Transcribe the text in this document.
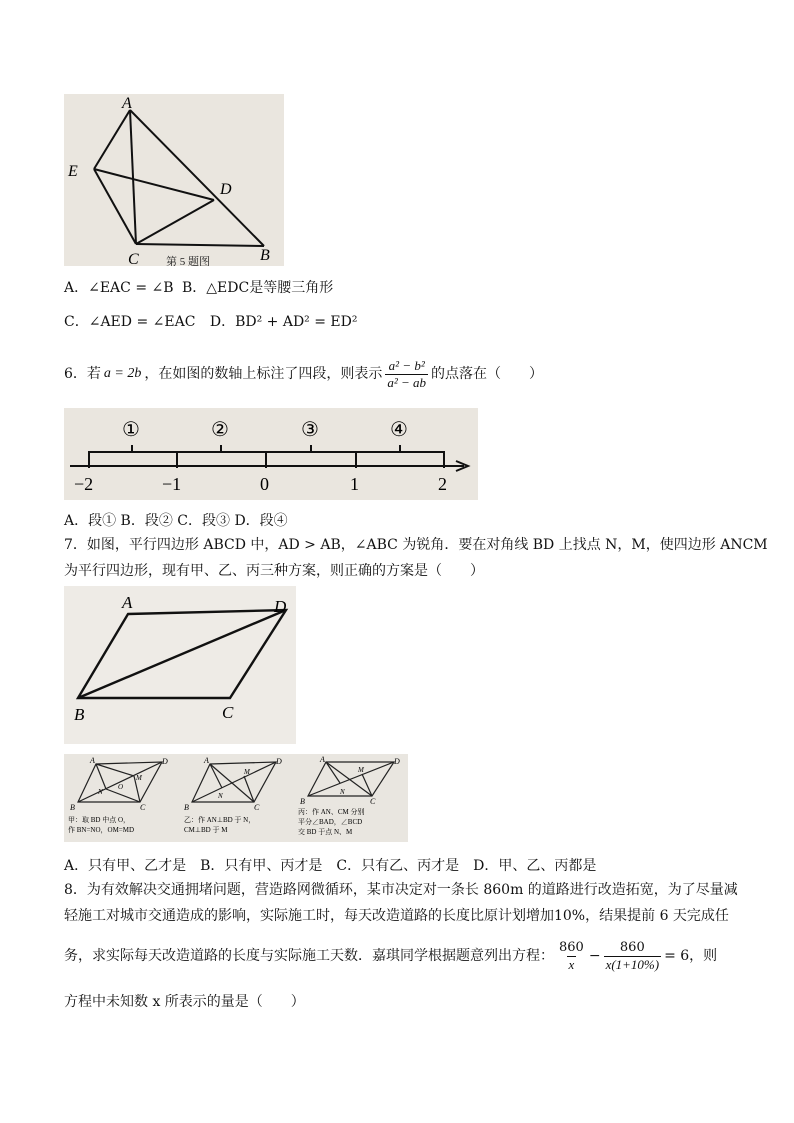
A
E
D
C	B
第 5 题图
A．∠EAC = ∠B B．△EDC是等腰三角形
C．∠AED = ∠EAC D．BD² + AD² = ED²
6．若 a = 2b ，在如图的数轴上标注了四段，则表示 $\frac{\text{a² − b²}}{\text{a² − ab}}$ 的点落在（　　）
①	②	③	④
−2	−1	0	1	2
A．段① B．段② C．段③ D．段④
7．如图，平行四边形 ABCD 中，AD > AB，∠ABC 为锐角．要在对角线 BD 上找点 N，M，使四边形 ANCM
为平行四边形，现有甲、乙、丙三种方案，则正确的方案是（　　）
A	D
B	C
A	D
B	C
N
O
M
甲：取 BD 中点 O，
作 BN=NO，OM=MD
A	D
B	C
N
M
乙：作 AN⊥BD 于 N，
CM⊥BD 于 M
A	D
B	C
N
M
丙：作 AN、CM 分别
平分∠BAD，∠BCD
交 BD 于点 N、M
A．只有甲、乙才是　B．只有甲、丙才是　C．只有乙、丙才是　D．甲、乙、丙都是
8．为有效解决交通拥堵问题，营造路网微循环，某市决定对一条长 860m 的道路进行改造拓宽，为了尽量减
轻施工对城市交通造成的影响，实际施工时，每天改造道路的长度比原计划增加10%，结果提前 6 天完成任
务，求实际每天改造道路的长度与实际施工天数．嘉琪同学根据题意列出方程： $\frac{860}{x} - \frac{860}{x(1+10\%)} = 6$，则
方程中未知数 x 所表示的量是（　　）
